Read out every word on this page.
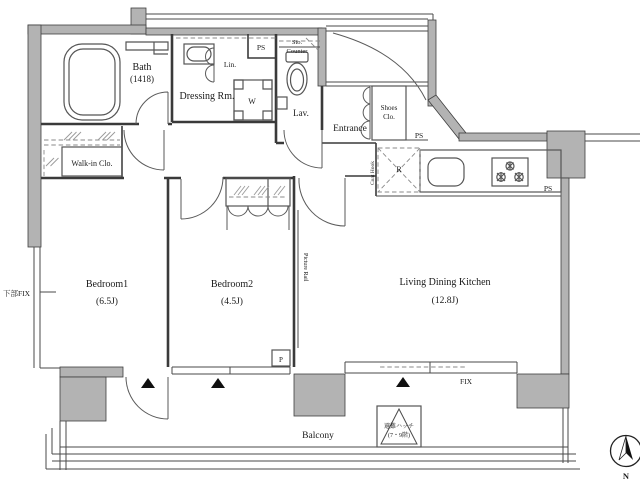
N
Bath
(1418)
Dressing Rm.
Lin.
PS
Sto.
Counter
Lav.
W
Walk-in Clo.
Entrance
Shoes
Clo.
Coat Hook
PS
R
PS
Bedroom1
(6.5J)
Bedroom2
(4.5J)
Picture Rail
P
Living Dining Kitchen
(12.8J)
FIX
下部FIX
Balcony
避難ハッチ
(7・9階)
